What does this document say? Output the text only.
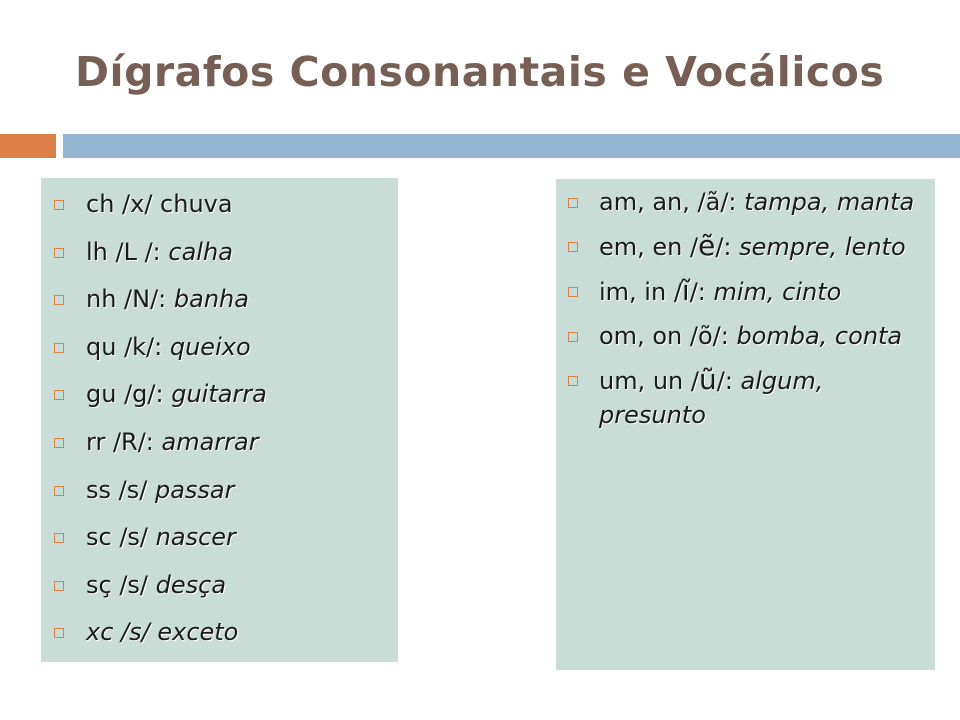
Dígrafos Consonantais e Vocálicos
ch /x/ chuva
lh /L /: calha
nh /N/: banha
qu /k/: queixo
gu /g/: guitarra
rr /R/: amarrar
ss /s/ passar
sc /s/ nascer
sç /s/ desça
xc /s/ exceto
am, an, /ã/: tampa, manta
em, en /ẽ/: sempre, lento
im, in /ĩ/: mim, cinto
om, on /õ/: bomba, conta
um, un /ũ/: algum, presunto
